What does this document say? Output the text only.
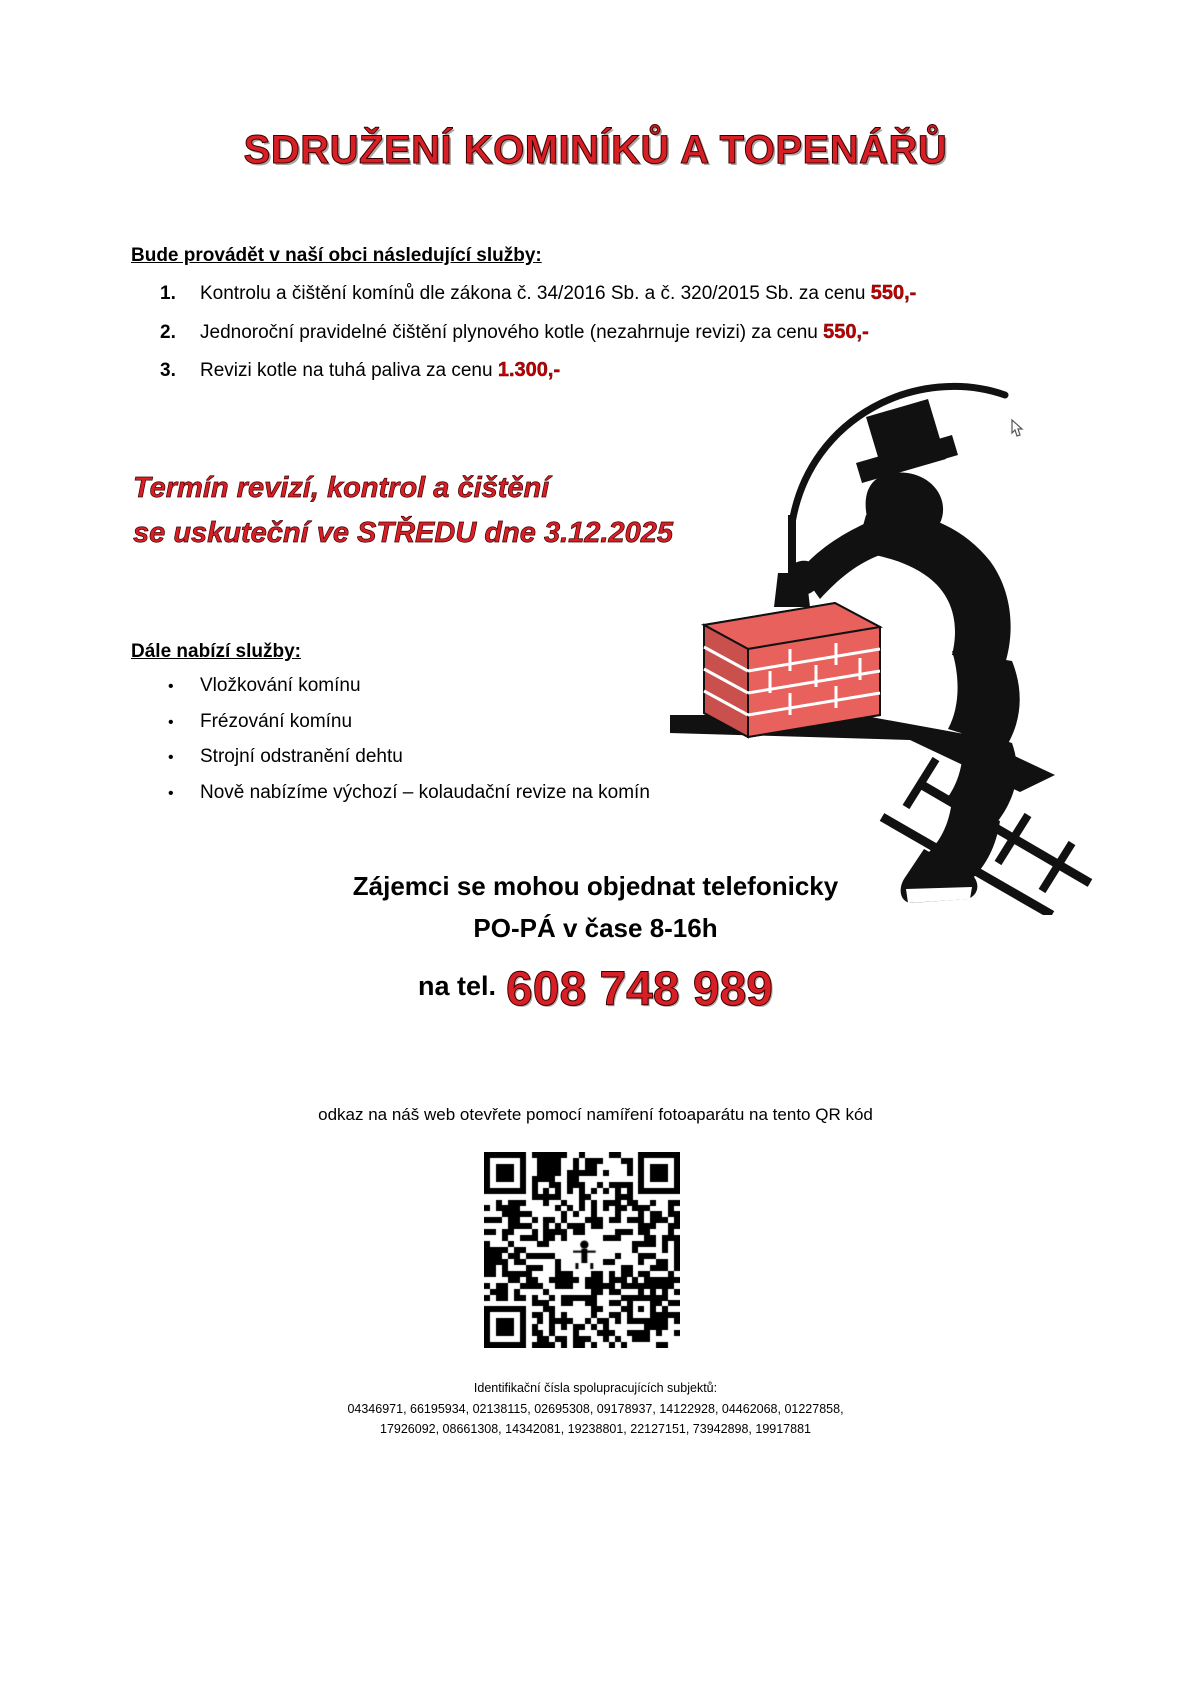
SDRUŽENÍ KOMINÍKŮ A TOPENÁŘŮ
Bude provádět v naší obci následující služby:
1.	Kontrolu a čištění komínů dle zákona č. 34/2016 Sb. a č. 320/2015 Sb. za cenu 550,-
2.	Jednoroční pravidelné čištění plynového kotle (nezahrnuje revizi) za cenu 550,-
3.	Revizi kotle na tuhá paliva za cenu 1.300,-
Termín revizí, kontrol a čištění
se uskuteční ve STŘEDU dne 3.12.2025
Dále nabízí služby:
•	Vložkování komínu
•	Frézování komínu
•	Strojní odstranění dehtu
•	Nově nabízíme výchozí – kolaudační revize na komín
Zájemci se mohou objednat telefonicky
PO-PÁ v čase 8-16h
na tel. 608 748 989
odkaz na náš web otevřete pomocí namíření fotoaparátu na tento QR kód
Identifikační čísla spolupracujících subjektů:
04346971, 66195934, 02138115, 02695308, 09178937, 14122928, 04462068, 01227858,
17926092, 08661308, 14342081, 19238801, 22127151, 73942898, 19917881
